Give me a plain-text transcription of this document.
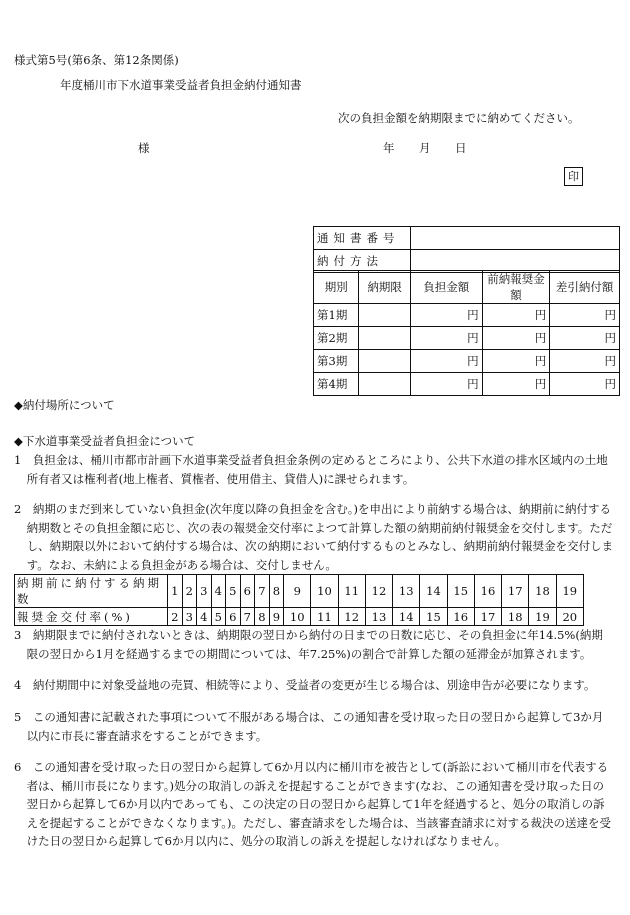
様式第5号(第6条、第12条関係)
年度桶川市下水道事業受益者負担金納付通知書
次の負担金額を納期限までに納めてください。
様	年 月 日
印
通知書番号	
納付方法	
期別	納期限	負担金額	前納報奨金額	差引納付額
第1期		円	円	円
第2期		円	円	円
第3期		円	円	円
第4期		円	円	円
◆納付場所について
◆下水道事業受益者負担金について

1　負担金は、桶川市都市計画下水道事業受益者負担金条例の定めるところにより、公共下水道の排水区域内の土地所有者又は権利者(地上権者、質権者、使用借主、貸借人)に課せられます。

2　納期のまだ到来していない負担金(次年度以降の負担金を含む。)を申出により前納する場合は、納期前に納付する納期数とその負担金額に応じ、次の表の報奨金交付率によつて計算した額の納期前納付報奨金を交付します。ただし、納期限以外において納付する場合は、次の納期において納付するものとみなし、納期前納付報奨金を交付します。なお、未納による負担金がある場合は、交付しません。

納期前に納付する納期数	1	2	3	4	5	6	7	8	9	10	11	12	13	14	15	16	17	18	19
報奨金交付率(%)	2	3	4	5	6	7	8	9	10	11	12	13	14	15	16	17	18	19	20

3　納期限までに納付されないときは、納期限の翌日から納付の日までの日数に応じ、その負担金に年14.5%(納期限の翌日から1月を経過するまでの期間については、年7.25%)の割合で計算した額の延滞金が加算されます。

4　納付期間中に対象受益地の売買、相続等により、受益者の変更が生じる場合は、別途申告が必要になります。

5　この通知書に記載された事項について不服がある場合は、この通知書を受け取った日の翌日から起算して3か月以内に市長に審査請求をすることができます。

6　この通知書を受け取った日の翌日から起算して6か月以内に桶川市を被告として(訴訟において桶川市を代表する者は、桶川市長になります。)処分の取消しの訴えを提起することができます(なお、この通知書を受け取った日の翌日から起算して6か月以内であっても、この決定の日の翌日から起算して1年を経過すると、処分の取消しの訴えを提起することができなくなります。)。ただし、審査請求をした場合は、当該審査請求に対する裁決の送達を受けた日の翌日から起算して6か月以内に、処分の取消しの訴えを提起しなければなりません。
